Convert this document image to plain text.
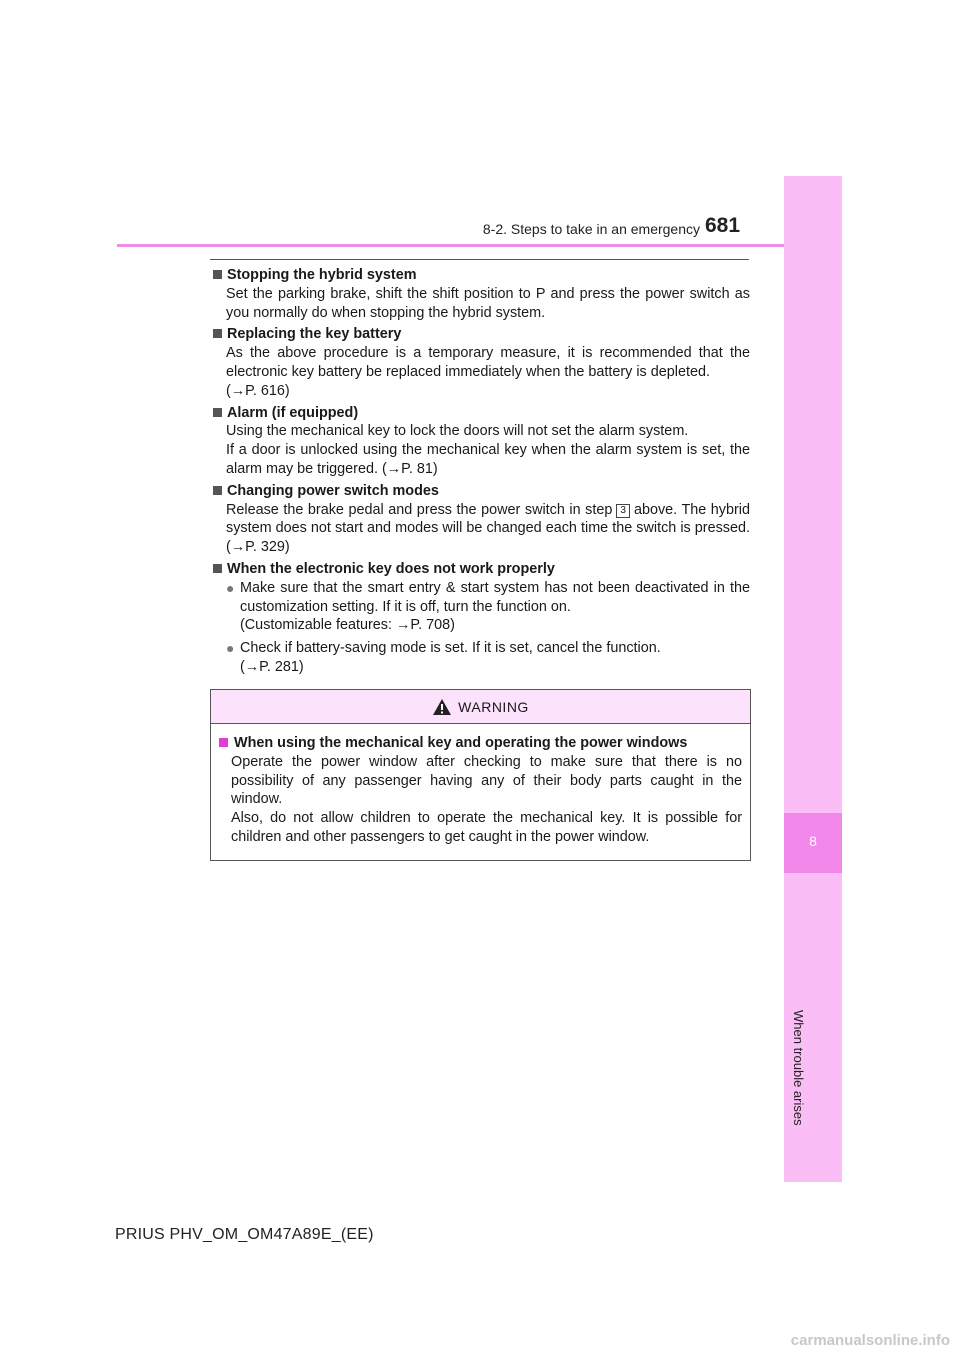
8-2. Steps to take in an emergency 681
8
When trouble arises
Stopping the hybrid system
Set the parking brake, shift the shift position to P and press the power switch as you normally do when stopping the hybrid system.
Replacing the key battery
As the above procedure is a temporary measure, it is recommended that the electronic key battery be replaced immediately when the battery is depleted.
(→P. 616)
Alarm (if equipped)
Using the mechanical key to lock the doors will not set the alarm system.
If a door is unlocked using the mechanical key when the alarm system is set, the alarm may be triggered. (→P. 81)
Changing power switch modes
Release the brake pedal and press the power switch in step 3 above. The hybrid system does not start and modes will be changed each time the switch is pressed. (→P. 329)
When the electronic key does not work properly
● Make sure that the smart entry & start system has not been deactivated in the customization setting. If it is off, turn the function on.
(Customizable features: →P. 708)
● Check if battery-saving mode is set. If it is set, cancel the function.
(→P. 281)
WARNING
When using the mechanical key and operating the power windows
Operate the power window after checking to make sure that there is no possibility of any passenger having any of their body parts caught in the window.
Also, do not allow children to operate the mechanical key. It is possible for children and other passengers to get caught in the power window.
PRIUS PHV_OM_OM47A89E_(EE)
carmanualsonline.info
